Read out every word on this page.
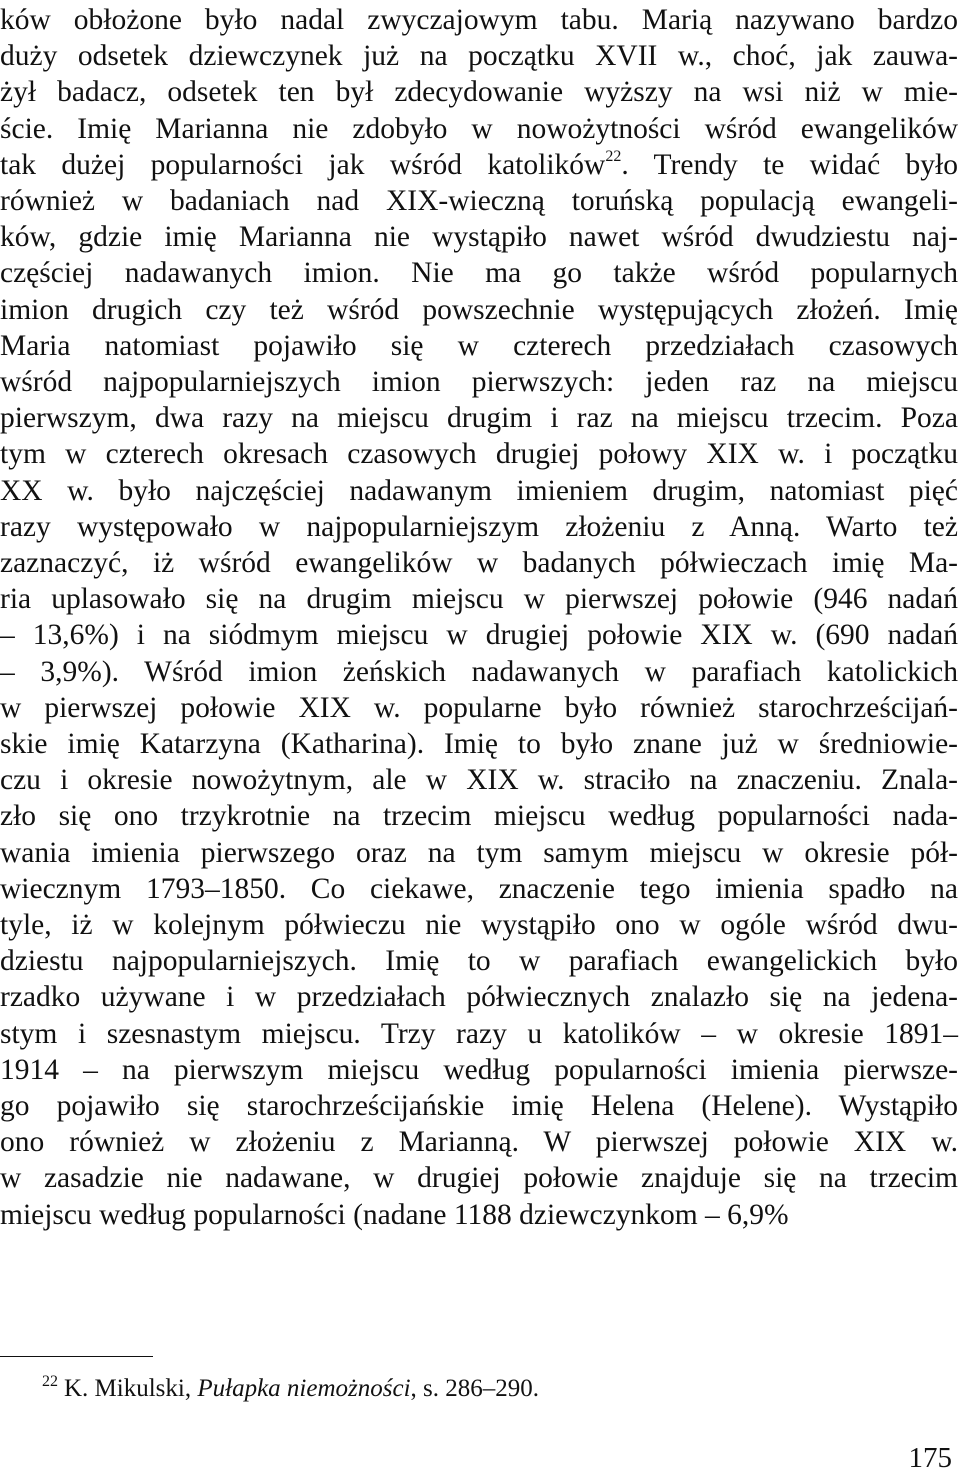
ków obłożone było nadal zwyczajowym tabu. Marią nazywano bardzo
duży odsetek dziewczynek już na początku XVII w., choć, jak zauwa-
żył badacz, odsetek ten był zdecydowanie wyższy na wsi niż w mie-
ście. Imię Marianna nie zdobyło w nowożytności wśród ewangelików
tak dużej popularności jak wśród katolików$^{22}$. Trendy te widać było
również w badaniach nad XIX-wieczną toruńską populacją ewangeli-
ków, gdzie imię Marianna nie wystąpiło nawet wśród dwudziestu naj-
częściej nadawanych imion. Nie ma go także wśród popularnych
imion drugich czy też wśród powszechnie występujących złożeń. Imię
Maria natomiast pojawiło się w czterech przedziałach czasowych
wśród najpopularniejszych imion pierwszych: jeden raz na miejscu
pierwszym, dwa razy na miejscu drugim i raz na miejscu trzecim. Poza
tym w czterech okresach czasowych drugiej połowy XIX w. i początku
XX w. było najczęściej nadawanym imieniem drugim, natomiast pięć
razy występowało w najpopularniejszym złożeniu z Anną. Warto też
zaznaczyć, iż wśród ewangelików w badanych półwieczach imię Ma-
ria uplasowało się na drugim miejscu w pierwszej połowie (946 nadań
– 13,6%) i na siódmym miejscu w drugiej połowie XIX w. (690 nadań
– 3,9%). Wśród imion żeńskich nadawanych w parafiach katolickich
w pierwszej połowie XIX w. popularne było również starochrześcijań-
skie imię Katarzyna (Katharina). Imię to było znane już w średniowie-
czu i okresie nowożytnym, ale w XIX w. straciło na znaczeniu. Znala-
zło się ono trzykrotnie na trzecim miejscu według popularności nada-
wania imienia pierwszego oraz na tym samym miejscu w okresie pół-
wiecznym 1793–1850. Co ciekawe, znaczenie tego imienia spadło na
tyle, iż w kolejnym półwieczu nie wystąpiło ono w ogóle wśród dwu-
dziestu najpopularniejszych. Imię to w parafiach ewangelickich było
rzadko używane i w przedziałach półwiecznych znalazło się na jedena-
stym i szesnastym miejscu. Trzy razy u katolików – w okresie 1891–
1914 – na pierwszym miejscu według popularności imienia pierwsze-
go pojawiło się starochrześcijańskie imię Helena (Helene). Wystąpiło
ono również w złożeniu z Marianną. W pierwszej połowie XIX w.
w zasadzie nie nadawane, w drugiej połowie znajduje się na trzecim
miejscu według popularności (nadane 1188 dziewczynkom – 6,9%
$^{22}$ K. Mikulski, Pułapka niemożności, s. 286–290.
175
